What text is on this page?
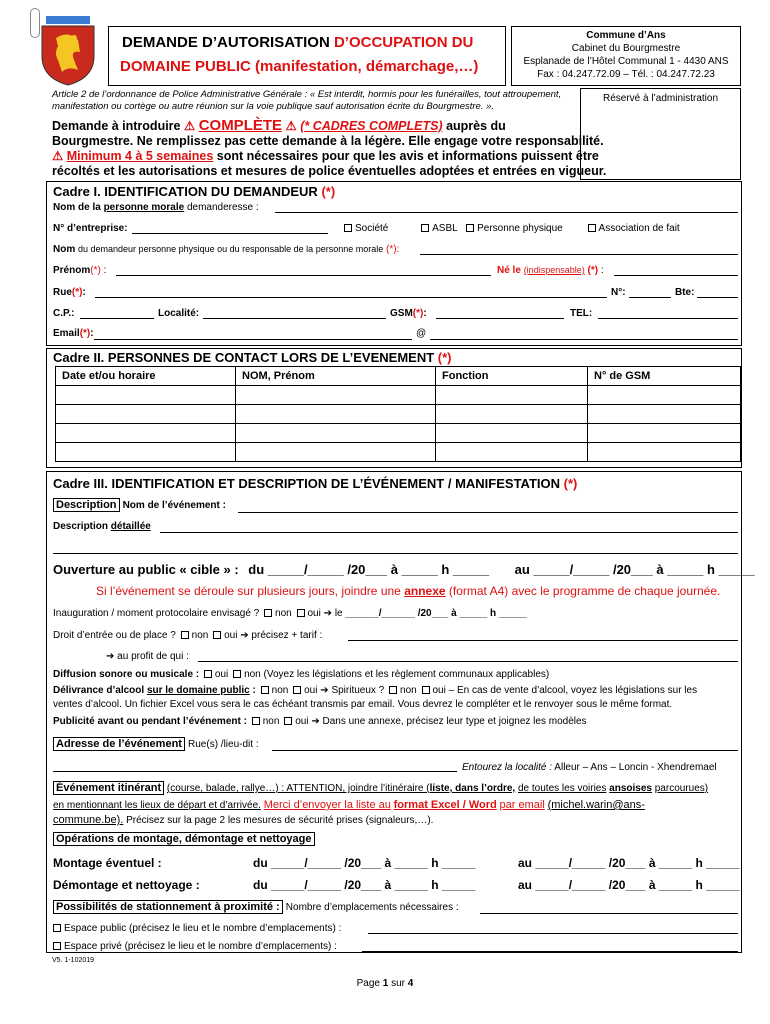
DEMANDE D’AUTORISATION D’OCCUPATION DU
DOMAINE PUBLIC (manifestation, démarchage,…)
Commune d’Ans
Cabinet du Bourgmestre
Esplanade de l’Hôtel Communal 1 - 4430 ANS
Fax : 04.247.72.09 – Tél. : 04.247.72.23
Réservé à l’administration
Article 2 de l’ordonnance de Police Administrative Générale : « Est interdit, hormis pour les funérailles, tout attroupement, manifestation ou cortège ou autre réunion sur la voie publique sauf autorisation écrite du Bourgmestre. ».
Demande à introduire ⚠ COMPLÈTE ⚠ (* CADRES COMPLETS) auprès du
Bourgmestre. Ne remplissez pas cette demande à la légère. Elle engage votre responsabilité.
⚠ Minimum 4 à 5 semaines sont nécessaires pour que les avis et informations puissent être
récoltés et les autorisations et mesures de police éventuelles adoptées et entrées en vigueur.
Cadre I. IDENTIFICATION DU DEMANDEUR (*)
Nom de la personne morale demanderesse :
N° d’entreprise:	Société	ASBL Personne physique	Association de fait
Nom du demandeur personne physique ou du responsable de la personne morale (*):
Prénom(*) :	Né le (indispensable) (*) :
Rue(*):	N°:	Bte:
C.P.:	Localité:	GSM(*):	TEL:
Email(*):	@
Cadre II. PERSONNES DE CONTACT LORS DE L’EVENEMENT (*)
Date et/ou horaire	NOM, Prénom	Fonction	N° de GSM

Cadre III. IDENTIFICATION ET DESCRIPTION DE L’ÉVÉNEMENT / MANIFESTATION (*)
Description Nom de l’événement :
Description détaillée
Ouverture au public « cible » : du _____/_____ /20___ à _____ h _____ au _____/_____ /20___ à _____ h _____
Si l’événement se déroule sur plusieurs jours, joindre une annexe (format A4) avec le programme de chaque journée.
Inauguration / moment protocolaire envisagé ? non oui ➔ le ______/______ /20___ à _____ h _____
Droit d’entrée ou de place ? non oui ➔ précisez + tarif :
➔ au profit de qui :
Diffusion sonore ou musicale : oui non (Voyez les législations et les règlement communaux applicables)
Délivrance d’alcool sur le domaine public : non oui ➔ Spiritueux ? non oui – En cas de vente d’alcool, voyez les législations sur les
ventes d’alcool. Un fichier Excel vous sera le cas échéant transmis par email. Vous devrez le compléter et le renvoyer sous le même format.
Publicité avant ou pendant l’événement : non oui ➔ Dans une annexe, précisez leur type et joignez les modèles
Adresse de l’événement Rue(s) /lieu-dit :
Entourez la localité : Alleur – Ans – Loncin - Xhendremael
Événement itinérant (course, balade, rallye…) : ATTENTION, joindre l’itinéraire (liste, dans l’ordre, de toutes les voiries ansoises parcourues)
en mentionnant les lieux de départ et d’arrivée. Merci d’envoyer la liste au format Excel / Word par email (michel.warin@ans-
commune.be). Précisez sur la page 2 les mesures de sécurité prises (signaleurs,…).
Opérations de montage, démontage et nettoyage
Montage éventuel :	du _____/_____ /20___ à _____ h _____	au _____/_____ /20___ à _____ h _____
Démontage et nettoyage :	du _____/_____ /20___ à _____ h _____	au _____/_____ /20___ à _____ h _____
Possibilités de stationnement à proximité : Nombre d’emplacements nécessaires :
Espace public (précisez le lieu et le nombre d’emplacements) :
Espace privé (précisez le lieu et le nombre d’emplacements) :
V5. 1-102019
Page 1 sur 4
